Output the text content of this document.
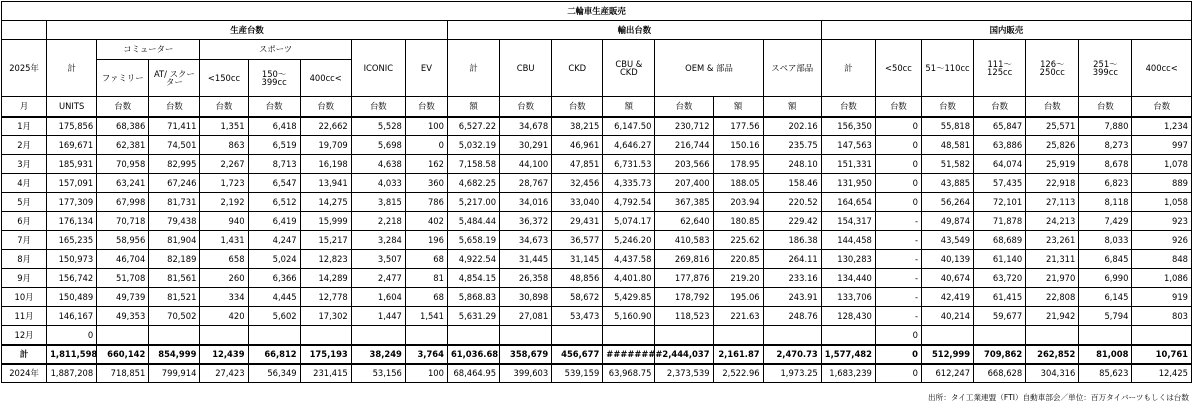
二輪車生産販売																						
	生産台数								輸出台数							国内販売						
2025年	計	コミューター		スポーツ			ICONIC	EV	計	CBU	CKD	CBU & CKD	OEM & 部品		スペア部品	計	<50cc	51～110cc	111～ 125cc	126～ 250cc	251～ 399cc	400cc<
		ファミリー	AT/ スクーター	<150cc	150～ 399cc	400cc<																
月	UNITS	台数	台数	台数	台数	台数	台数	台数	額	台数	台数	額	台数	額	額	台数	台数	台数	台数	台数	台数	台数
1月	175,856	68,386	71,411	1,351	6,418	22,662	5,528	100	6,527.22	34,678	38,215	6,147.50	230,712	177.56	202.16	156,350	0	55,818	65,847	25,571	7,880	1,234
2月	169,671	62,381	74,501	863	6,519	19,709	5,698	0	5,032.19	30,291	46,961	4,646.27	216,744	150.16	235.75	147,563	0	48,581	63,886	25,826	8,273	997
3月	185,931	70,958	82,995	2,267	8,713	16,198	4,638	162	7,158.58	44,100	47,851	6,731.53	203,566	178.95	248.10	151,331	0	51,582	64,074	25,919	8,678	1,078
4月	157,091	63,241	67,246	1,723	6,547	13,941	4,033	360	4,682.25	28,767	32,456	4,335.73	207,400	188.05	158.46	131,950	0	43,885	57,435	22,918	6,823	889
5月	177,309	67,998	81,731	2,192	6,512	14,275	3,815	786	5,217.00	34,016	33,040	4,792.54	367,385	203.94	220.52	164,654	0	56,264	72,101	27,113	8,118	1,058
6月	176,134	70,718	79,438	940	6,419	15,999	2,218	402	5,484.44	36,372	29,431	5,074.17	62,640	180.85	229.42	154,317	-	49,874	71,878	24,213	7,429	923
7月	165,235	58,956	81,904	1,431	4,247	15,217	3,284	196	5,658.19	34,673	36,577	5,246.20	410,583	225.62	186.38	144,458	-	43,549	68,689	23,261	8,033	926
8月	150,973	46,704	82,189	658	5,024	12,823	3,507	68	4,922.54	31,445	31,145	4,437.58	269,816	220.85	264.11	130,283	-	40,139	61,140	21,311	6,845	848
9月	156,742	51,708	81,561	260	6,366	14,289	2,477	81	4,854.15	26,358	48,856	4,401.80	177,876	219.20	233.16	134,440	-	40,674	63,720	21,970	6,990	1,086
10月	150,489	49,739	81,521	334	4,445	12,778	1,604	68	5,868.83	30,898	58,672	5,429.85	178,792	195.06	243.91	133,706	-	42,419	61,415	22,808	6,145	919
11月	146,167	49,353	70,502	420	5,602	17,302	1,447	1,541	5,631.29	27,081	53,473	5,160.90	118,523	221.63	248.76	128,430	-	40,214	59,677	21,942	5,794	803
12月	0																0					
計	1,811,598	660,142	854,999	12,439	66,812	175,193	38,249	3,764	61,036.68	358,679	456,677	########	2,444,037	2,161.87	2,470.73	1,577,482	0	512,999	709,862	262,852	81,008	10,761
2024年	1,887,208	718,851	799,914	27,423	56,349	231,415	53,156	100	68,464.95	399,603	539,159	63,968.75	2,373,539	2,522.96	1,973.25	1,683,239	0	612,247	668,628	304,316	85,623	12,425
出所：タイ工業連盟（FTI）自動車部会／単位：百万タイバーツもしくは台数
